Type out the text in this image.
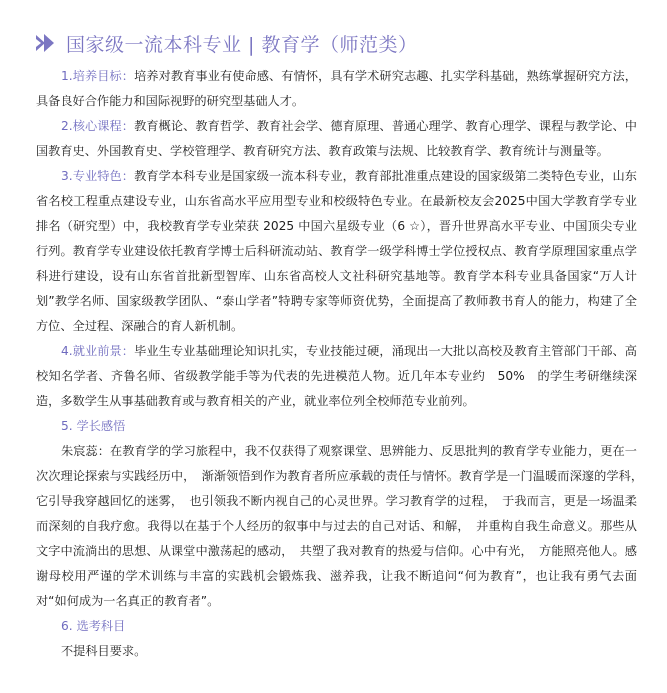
国家级一流本科专业 | 教育学（师范类）

1.培养目标：培养对教育事业有使命感、有情怀，具有学术研究志趣、扎实学科基础，熟练掌握研究方法，具备良好合作能力和国际视野的研究型基础人才。

2.核心课程：教育概论、教育哲学、教育社会学、德育原理、普通心理学、教育心理学、课程与教学论、中国教育史、外国教育史、学校管理学、教育研究方法、教育政策与法规、比较教育学、教育统计与测量等。

3.专业特色：教育学本科专业是国家级一流本科专业，教育部批准重点建设的国家级第二类特色专业，山东省名校工程重点建设专业，山东省高水平应用型专业和校级特色专业。在最新校友会2025中国大学教育学专业排名（研究型）中，我校教育学专业荣获 2025 中国六星级专业（6 ☆），晋升世界高水平专业、中国顶尖专业行列。教育学专业建设依托教育学博士后科研流动站、教育学一级学科博士学位授权点、教育学原理国家重点学科进行建设，设有山东省首批新型智库、山东省高校人文社科研究基地等。教育学本科专业具备国家“万人计划”教学名师、国家级教学团队、“泰山学者”特聘专家等师资优势，全面提高了教师教书育人的能力，构建了全方位、全过程、深融合的育人新机制。

4.就业前景：毕业生专业基础理论知识扎实，专业技能过硬，涌现出一大批以高校及教育主管部门干部、高校知名学者、齐鲁名师、省级教学能手等为代表的先进模范人物。近几年本专业约　50%　的学生考研继续深造，多数学生从事基础教育或与教育相关的产业，就业率位列全校师范专业前列。

5. 学长感悟

朱宸蕊：在教育学的学习旅程中，我不仅获得了观察课堂、思辨能力、反思批判的教育学专业能力，更在一次次理论探索与实践经历中，　渐渐领悟到作为教育者所应承载的责任与情怀。教育学是一门温暖而深邃的学科，　它引导我穿越回忆的迷雾，　也引领我不断内视自己的心灵世界。学习教育学的过程，　于我而言，更是一场温柔而深刻的自我疗愈。我得以在基于个人经历的叙事中与过去的自己对话、和解，　并重构自我生命意义。那些从文字中流淌出的思想、从课堂中激荡起的感动，　共塑了我对教育的热爱与信仰。心中有光，　方能照亮他人。感谢母校用严谨的学术训练与丰富的实践机会锻炼我、滋养我，让我不断追问“何为教育”，也让我有勇气去面对“如何成为一名真正的教育者”。

6. 选考科目

不提科目要求。
